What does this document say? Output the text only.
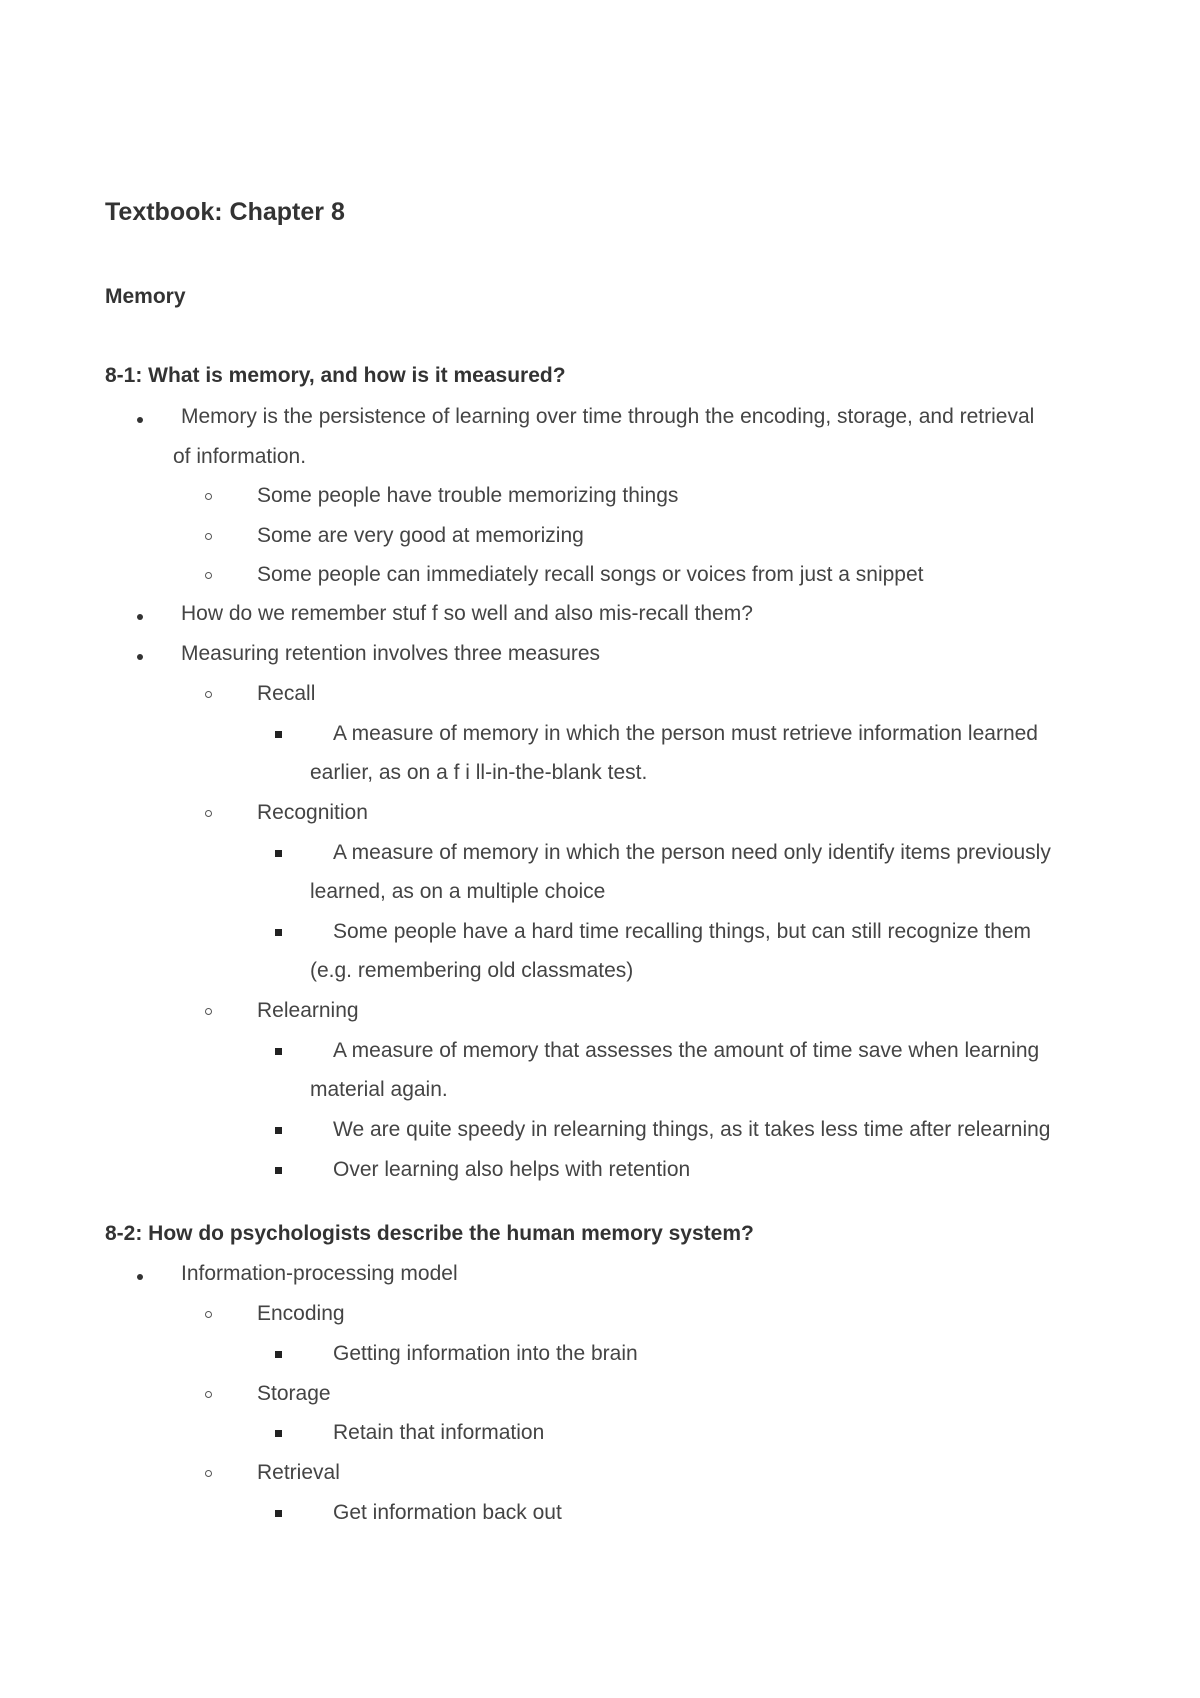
Textbook: Chapter 8
Memory
8-1: What is memory, and how is it measured?
Memory is the persistence of learning over time through the encoding, storage, and retrieval
of information.
Some people have trouble memorizing things
Some are very good at memorizing
Some people can immediately recall songs or voices from just a snippet
How do we remember stuf f so well and also mis-recall them?
Measuring retention involves three measures
Recall
A measure of memory in which the person must retrieve information learned
earlier, as on a f i ll-in-the-blank test.
Recognition
A measure of memory in which the person need only identify items previously
learned, as on a multiple choice
Some people have a hard time recalling things, but can still recognize them
(e.g. remembering old classmates)
Relearning
A measure of memory that assesses the amount of time save when learning
material again.
We are quite speedy in relearning things, as it takes less time after relearning
Over learning also helps with retention
8-2: How do psychologists describe the human memory system?
Information-processing model
Encoding
Getting information into the brain
Storage
Retain that information
Retrieval
Get information back out
